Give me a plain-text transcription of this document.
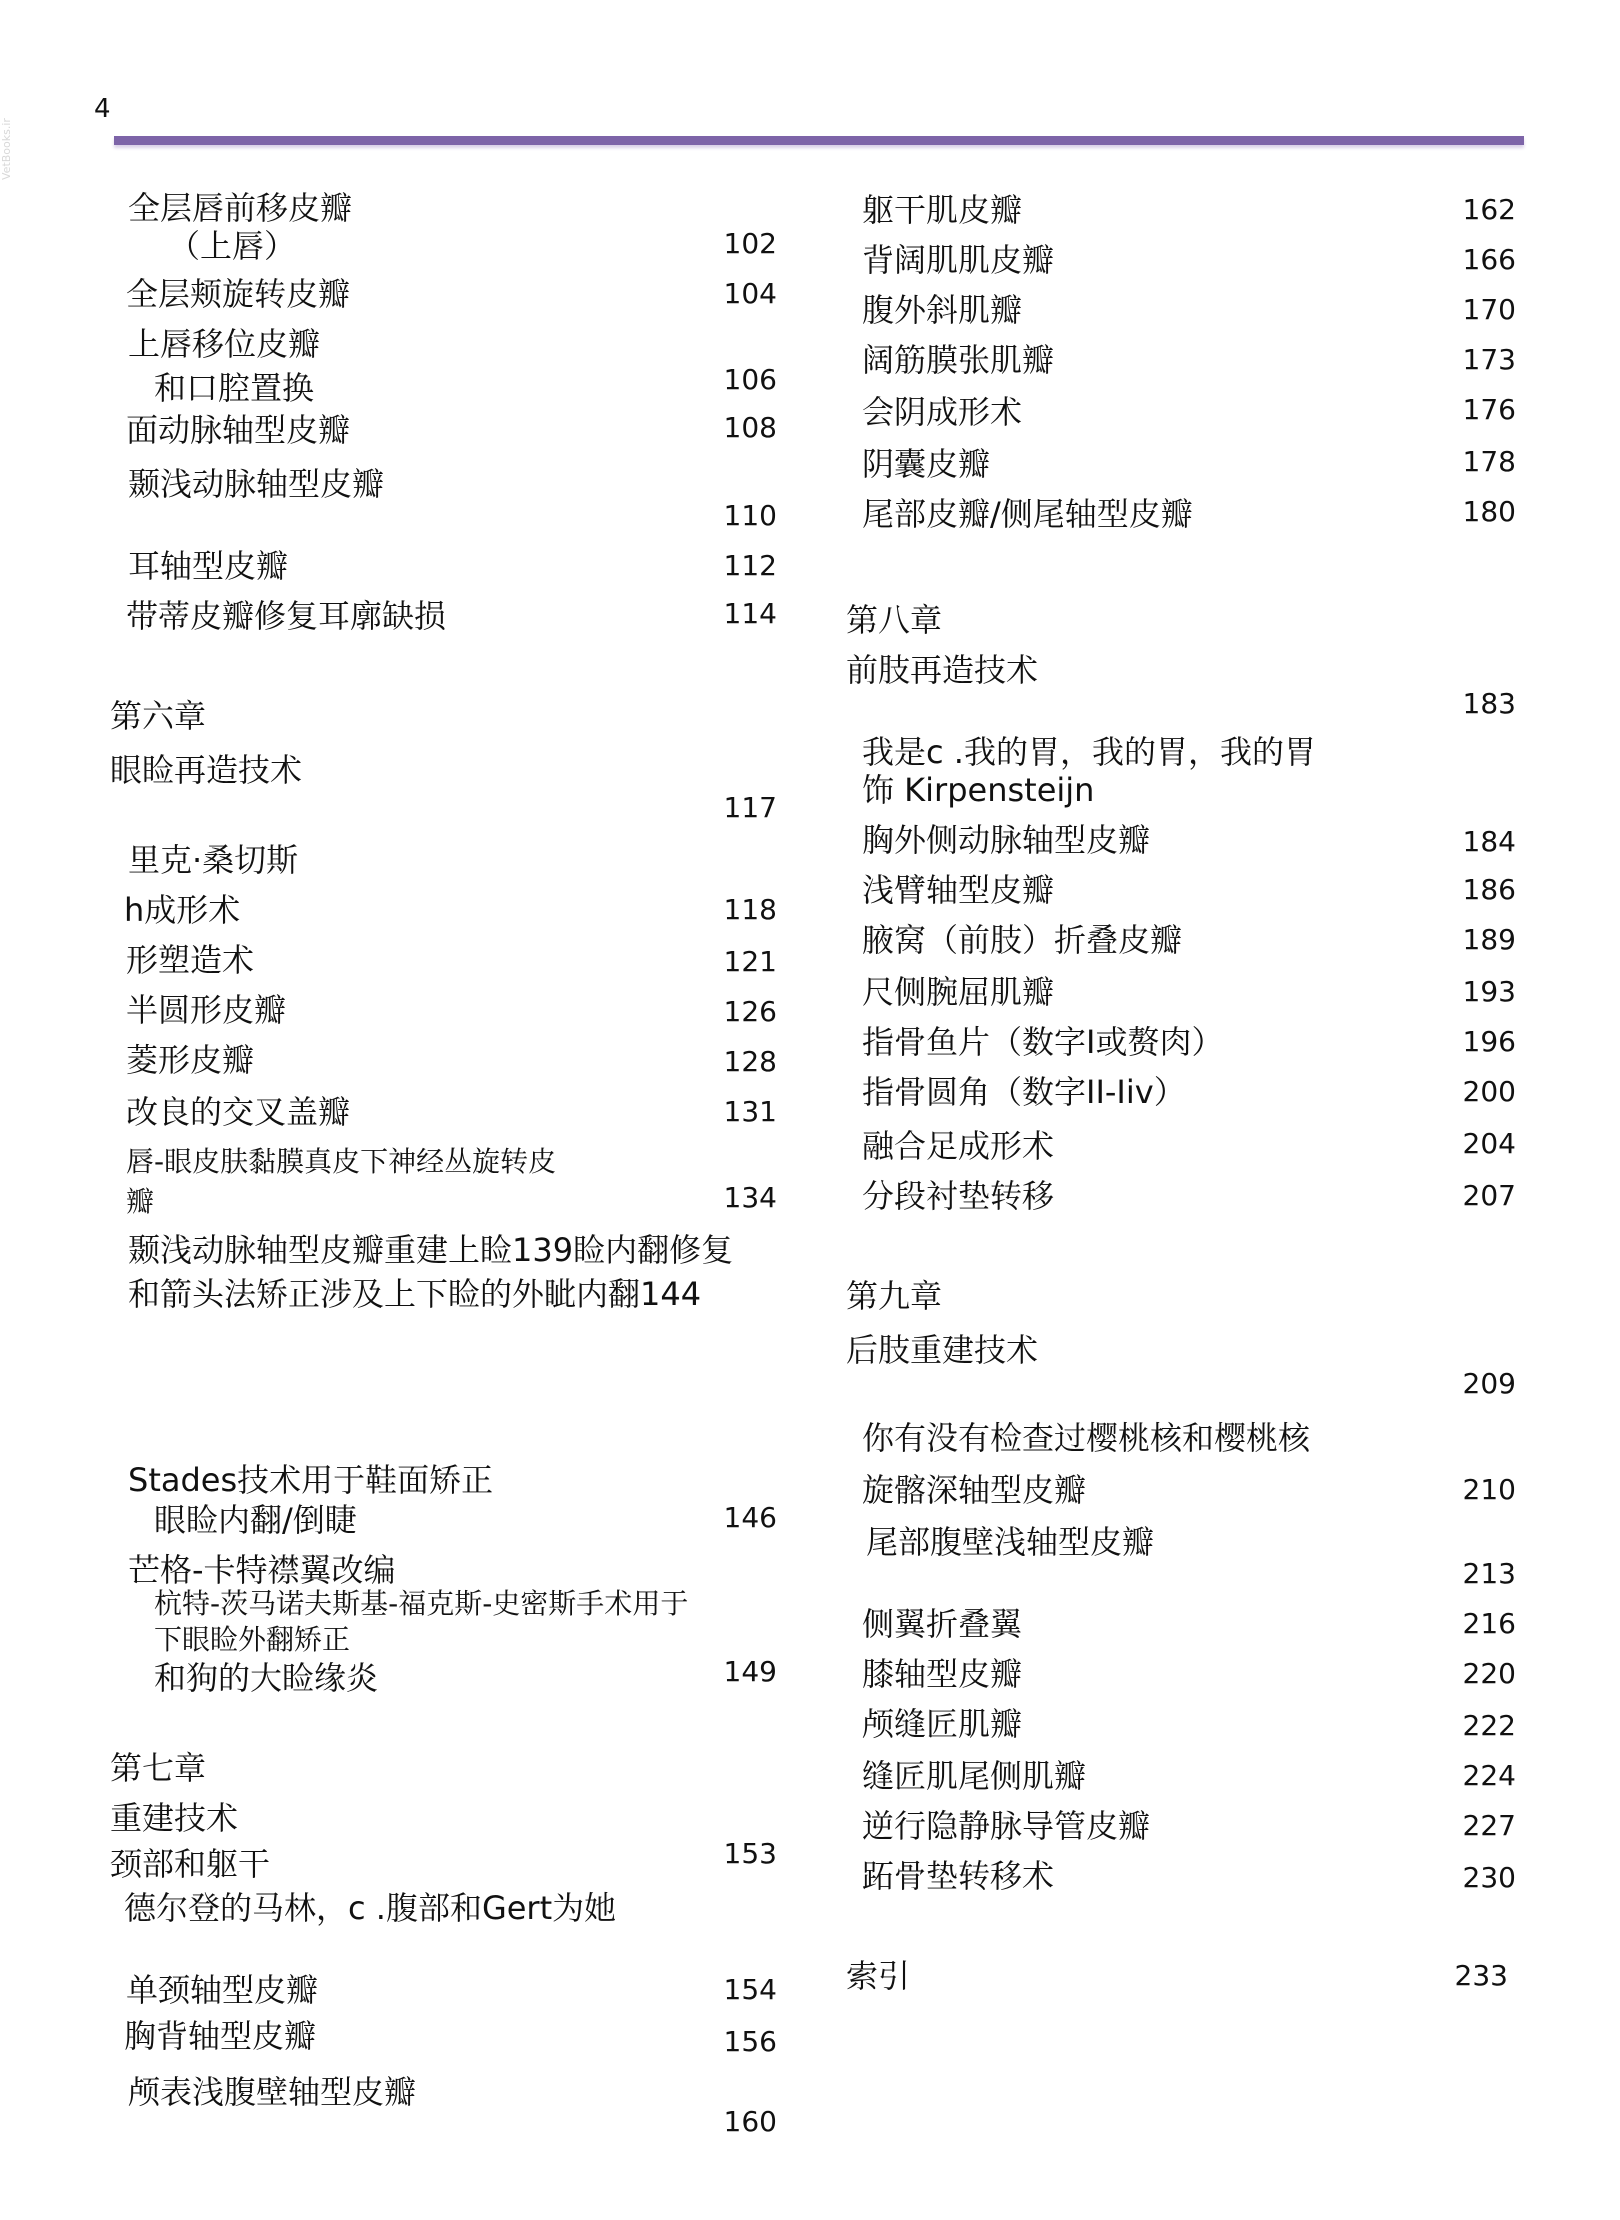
4
VetBooks.ir
全层唇前移皮瓣
（上唇）	102
全层颊旋转皮瓣	104
上唇移位皮瓣
和口腔置换	106
面动脉轴型皮瓣	108
颞浅动脉轴型皮瓣
110
耳轴型皮瓣	112
带蒂皮瓣修复耳廓缺损	114
第六章
眼睑再造技术
117
里克·桑切斯
h成形术	118
形塑造术	121
半圆形皮瓣	126
菱形皮瓣	128
改良的交叉盖瓣	131
唇-眼皮肤黏膜真皮下神经丛旋转皮
瓣	134
颞浅动脉轴型皮瓣重建上睑139睑内翻修复
和箭头法矫正涉及上下睑的外眦内翻144
Stades技术用于鞋面矫正
眼睑内翻/倒睫	146
芒格-卡特襟翼改编
杭特-茨马诺夫斯基-福克斯-史密斯手术用于
下眼睑外翻矫正
和狗的大睑缘炎	149
第七章
重建技术
颈部和躯干	153
德尔登的马林，c .腹部和Gert为她
单颈轴型皮瓣	154
胸背轴型皮瓣	156
颅表浅腹壁轴型皮瓣
160
躯干肌皮瓣	162
背阔肌肌皮瓣	166
腹外斜肌瓣	170
阔筋膜张肌瓣	173
会阴成形术	176
阴囊皮瓣	178
尾部皮瓣/侧尾轴型皮瓣	180
第八章
前肢再造技术
183
我是c .我的胃，我的胃，我的胃
饰 Kirpensteijn
胸外侧动脉轴型皮瓣	184
浅臂轴型皮瓣	186
腋窝（前肢）折叠皮瓣	189
尺侧腕屈肌瓣	193
指骨鱼片（数字I或赘肉）	196
指骨圆角（数字II-Iiv）	200
融合足成形术	204
分段衬垫转移	207
第九章
后肢重建技术
209
你有没有检查过樱桃核和樱桃核
旋髂深轴型皮瓣	210
尾部腹壁浅轴型皮瓣
213
侧翼折叠翼	216
膝轴型皮瓣	220
颅缝匠肌瓣	222
缝匠肌尾侧肌瓣	224
逆行隐静脉导管皮瓣	227
跖骨垫转移术	230
索引	233
